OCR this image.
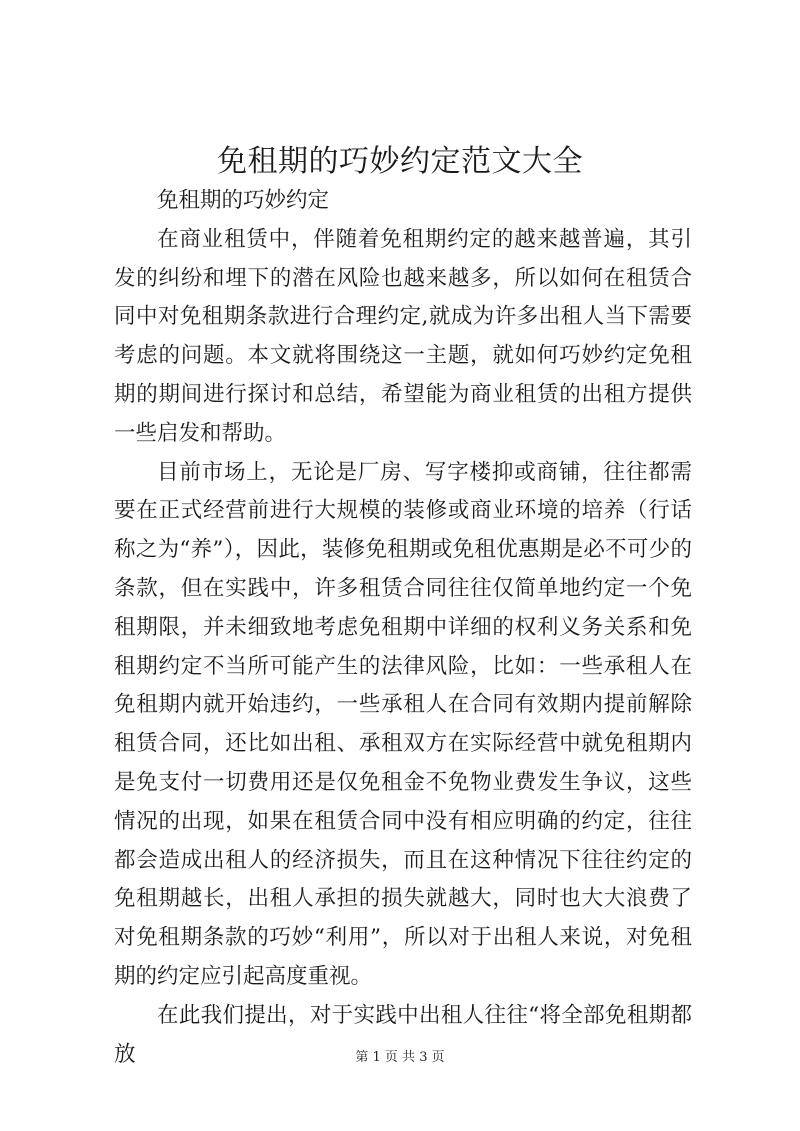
免租期的巧妙约定范文大全

免租期的巧妙约定

在商业租赁中，伴随着免租期约定的越来越普遍，其引发的纠纷和埋下的潜在风险也越来越多，所以如何在租赁合同中对免租期条款进行合理约定,就成为许多出租人当下需要考虑的问题。本文就将围绕这一主题，就如何巧妙约定免租期的期间进行探讨和总结，希望能为商业租赁的出租方提供一些启发和帮助。

目前市场上，无论是厂房、写字楼抑或商铺，往往都需要在正式经营前进行大规模的装修或商业环境的培养（行话称之为“养”），因此，装修免租期或免租优惠期是必不可少的条款，但在实践中，许多租赁合同往往仅简单地约定一个免租期限，并未细致地考虑免租期中详细的权利义务关系和免租期约定不当所可能产生的法律风险，比如：一些承租人在免租期内就开始违约，一些承租人在合同有效期内提前解除租赁合同，还比如出租、承租双方在实际经营中就免租期内是免支付一切费用还是仅免租金不免物业费发生争议，这些情况的出现，如果在租赁合同中没有相应明确的约定，往往都会造成出租人的经济损失，而且在这种情况下往往约定的免租期越长，出租人承担的损失就越大，同时也大大浪费了对免租期条款的巧妙“利用”，所以对于出租人来说，对免租期的约定应引起高度重视。

在此我们提出，对于实践中出租人往往“将全部免租期都放	第 1 页 共 3 页
